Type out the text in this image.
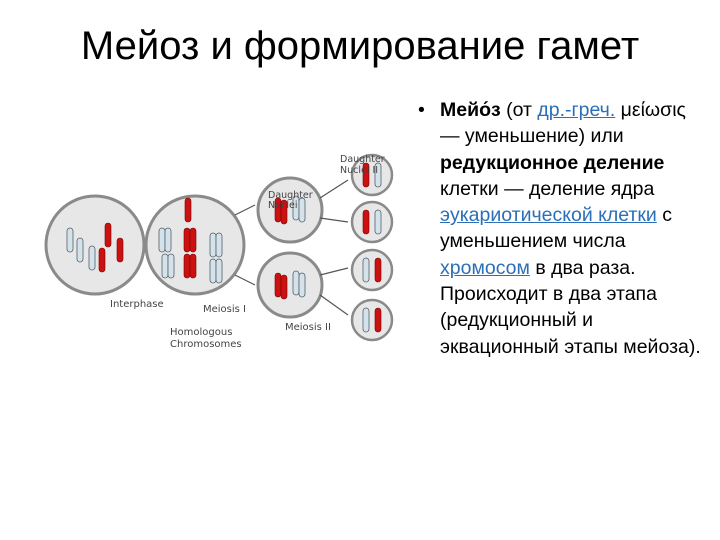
Мейоз и формирование гамет
Daughter
Nuclei II
Daughter
Nuclei
Interphase	Meiosis I
Homologous
Chromosomes
Meiosis II
• Мейо́з (от др.-греч. μείωσις — уменьшение) или редукционное деление клетки — деление ядра эукариотической клетки с уменьшением числа хромосом в два раза. Происходит в два этапа (редукционный и эквационный этапы мейоза).
